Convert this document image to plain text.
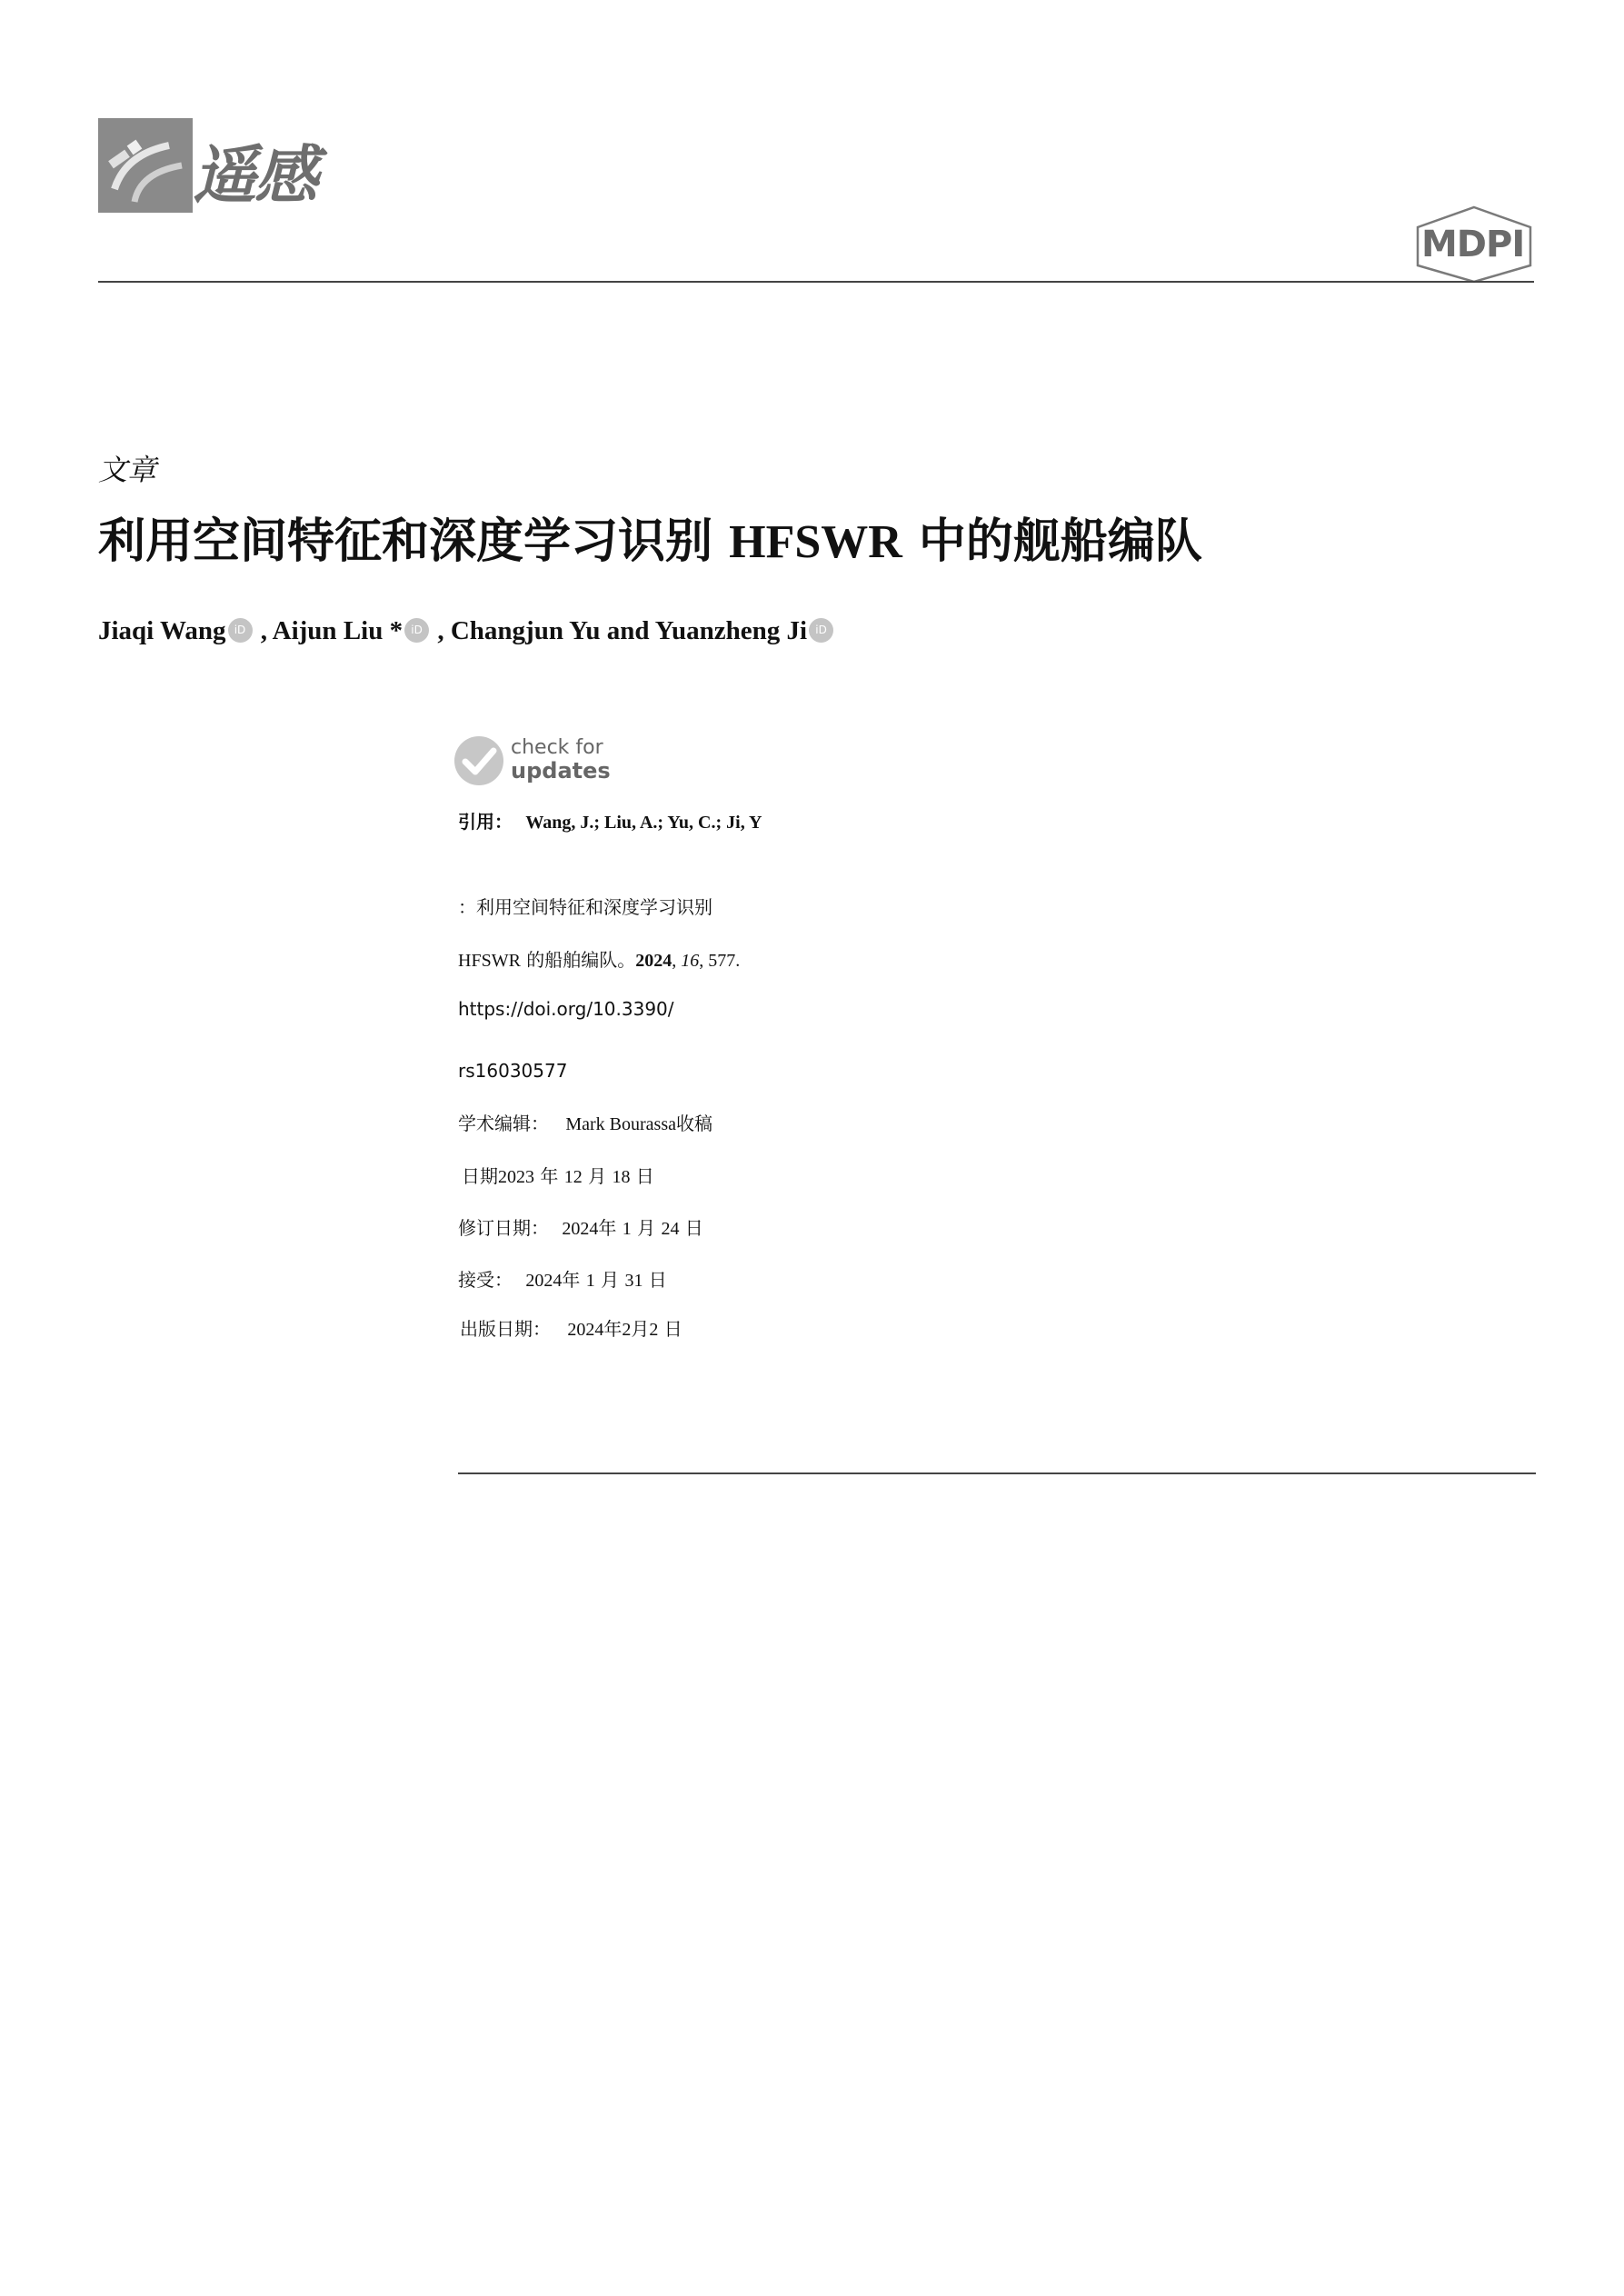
遥感
MDPI
文章
利用空间特征和深度学习识别 HFSWR 中的舰船编队
Jiaqi Wang iD , Aijun Liu * iD , Changjun Yu and Yuanzheng Ji iD
check for
updates
引用： Wang, J.; Liu, A.; Yu, C.; Ji, Y
：利用空间特征和深度学习识别
HFSWR 的船舶编队。2024, 16, 577.
https://doi.org/10.3390/
rs16030577
学术编辑： Mark Bourassa收稿
日期2023 年 12 月 18 日
修订日期： 2024年 1 月 24 日
接受： 2024年 1 月 31 日
出版日期： 2024年2月2 日
